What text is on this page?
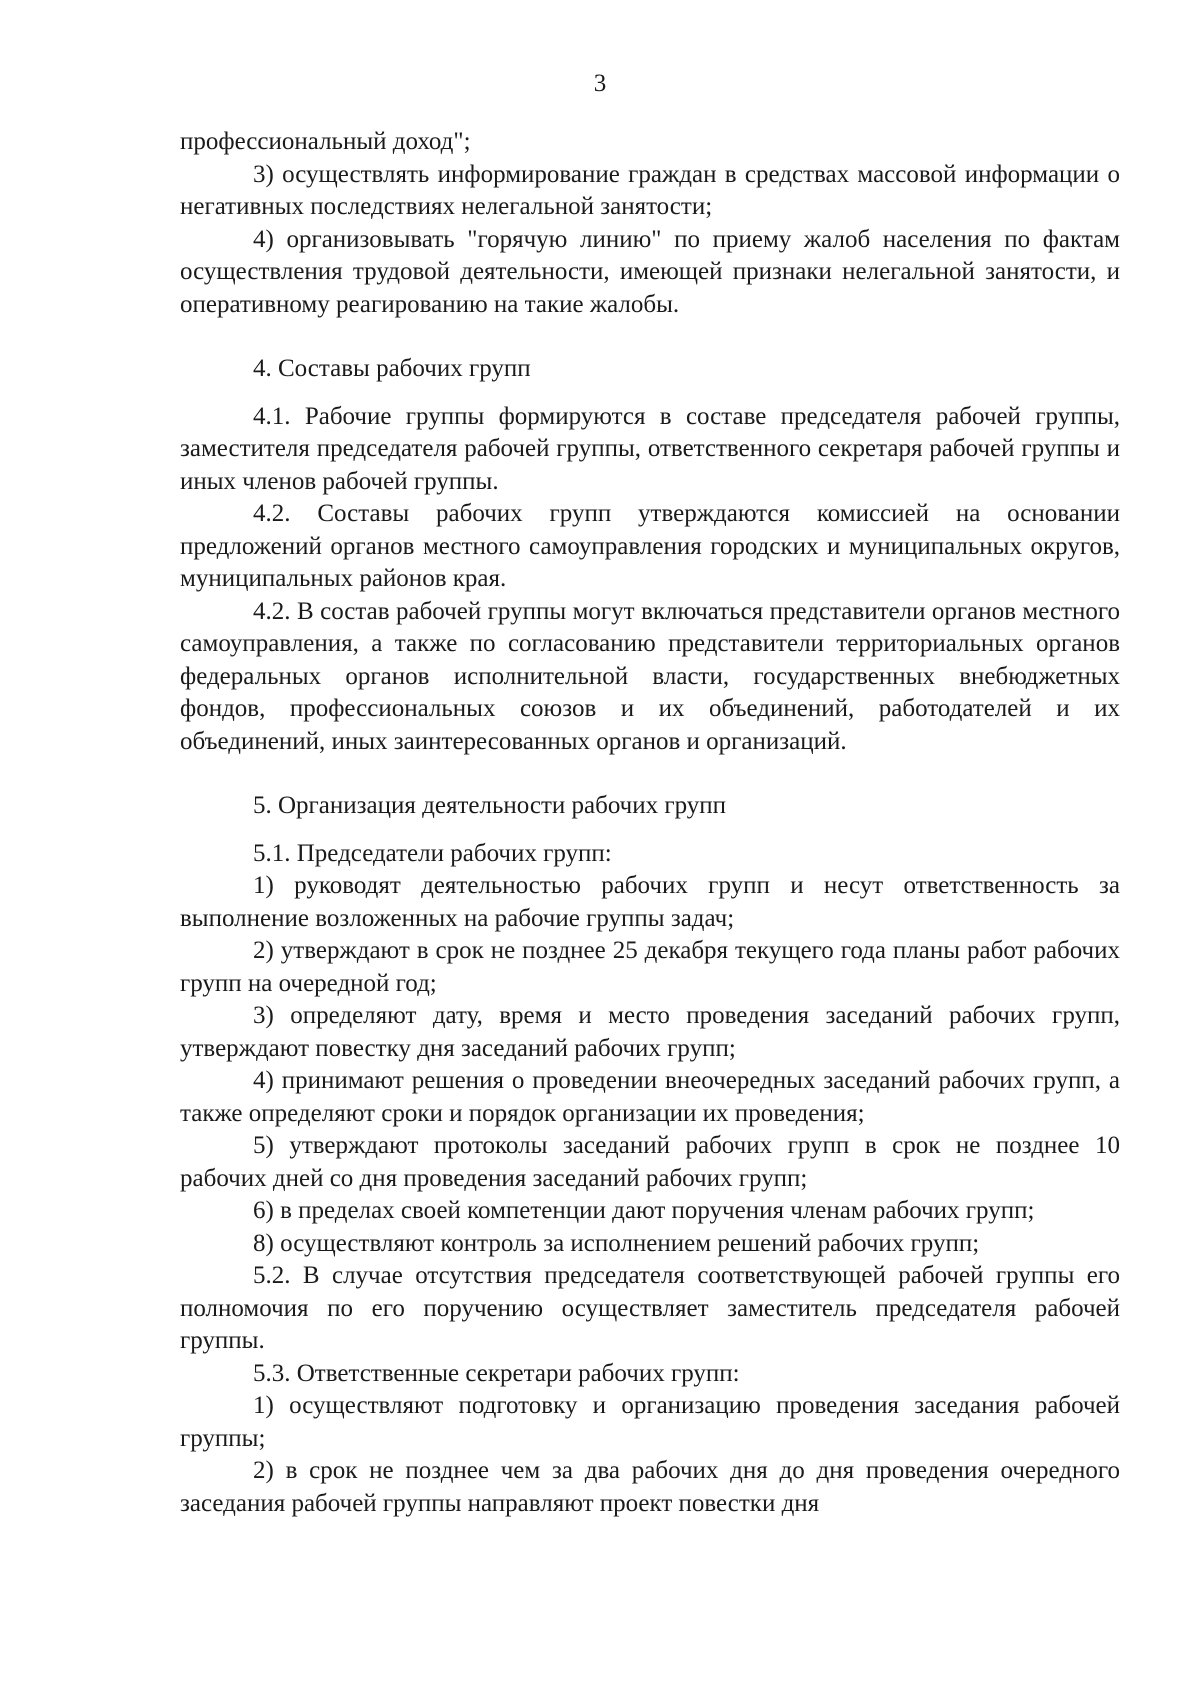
3

профессиональный доход";

3) осуществлять информирование граждан в средствах массовой информации о негативных последствиях нелегальной занятости;

4) организовывать "горячую линию" по приему жалоб населения по фактам осуществления трудовой деятельности, имеющей признаки нелегальной занятости, и оперативному реагированию на такие жалобы.

4. Составы рабочих групп

4.1. Рабочие группы формируются в составе председателя рабочей группы, заместителя председателя рабочей группы, ответственного секретаря рабочей группы и иных членов рабочей группы.

4.2. Составы рабочих групп утверждаются комиссией на основании предложений органов местного самоуправления городских и муниципальных округов, муниципальных районов края.

4.2. В состав рабочей группы могут включаться представители органов местного самоуправления, а также по согласованию представители территориальных органов федеральных органов исполнительной власти, государственных внебюджетных фондов, профессиональных союзов и их объединений, работодателей и их объединений, иных заинтересованных органов и организаций.

5. Организация деятельности рабочих групп

5.1. Председатели рабочих групп:

1) руководят деятельностью рабочих групп и несут ответственность за выполнение возложенных на рабочие группы задач;

2) утверждают в срок не позднее 25 декабря текущего года планы работ рабочих групп на очередной год;

3) определяют дату, время и место проведения заседаний рабочих групп, утверждают повестку дня заседаний рабочих групп;

4) принимают решения о проведении внеочередных заседаний рабочих групп, а также определяют сроки и порядок организации их проведения;

5) утверждают протоколы заседаний рабочих групп в срок не позднее 10 рабочих дней со дня проведения заседаний рабочих групп;

6) в пределах своей компетенции дают поручения членам рабочих групп;

8) осуществляют контроль за исполнением решений рабочих групп;

5.2. В случае отсутствия председателя соответствующей рабочей группы его полномочия по его поручению осуществляет заместитель председателя рабочей группы.

5.3. Ответственные секретари рабочих групп:

1) осуществляют подготовку и организацию проведения заседания рабочей группы;

2) в срок не позднее чем за два рабочих дня до дня проведения очередного заседания рабочей группы направляют проект повестки дня
